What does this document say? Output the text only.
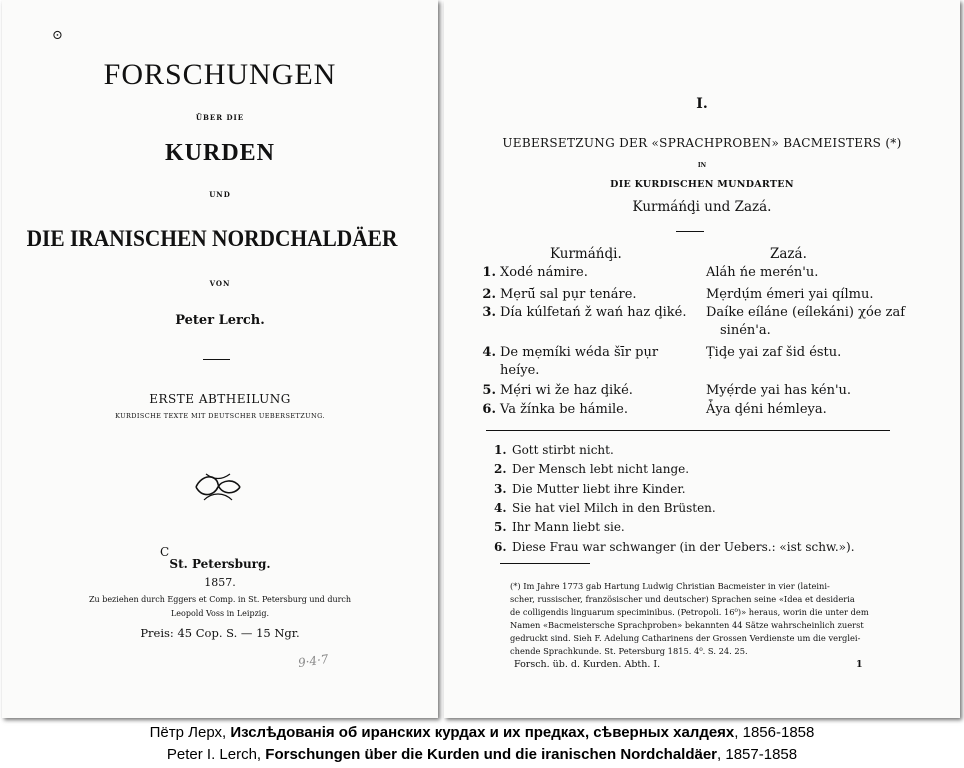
⊙

FORSCHUNGEN

ÜBER DIE

KURDEN

UND

DIE IRANISCHEN NORDCHALDÄER

VON

Peter Lerch.

ERSTE ABTHEILUNG

KURDISCHE TEXTE MIT DEUTSCHER UEBERSETZUNG.

C

St. Petersburg.

1857.

Zu beziehen durch Eggers et Comp. in St. Petersburg und durch

Leopold Voss in Leipzig.

Preis: 45 Cop. S. — 15 Ngr.

9·4·7

I.

UEBERSETZUNG DER «SPRACHPROBEN» BACMEISTERS (*)

IN

DIE KURDISCHEN MUNDARTEN

Kurmáńḑi und Zazá.

Kurmáńḑi.	Zazá.

1. Xodé námire.
2. Mẹrū́ sal pụr tenáre.
3. Día kúlfetań ž wań haz ḑiké.
4. De mẹmíki wéda šīr pụr
heíye.
5. Mẹ́ri wi že haz ḑiké.
6. Va žínka be hámile.
Aláh ńe merén'u.
Mẹrdụ́m émeri yai qílmu.
Daíke eíláne (eílekáni) χóe zaf
sinén'a.
Ṭiḑe yai zaf šid éstu.
Myẹ́rde yai has kén'u.
Ǡya ḑéni hémleya.
1. Gott stirbt nicht.
2. Der Mensch lebt nicht lange.
3. Die Mutter liebt ihre Kinder.
4. Sie hat viel Milch in den Brüsten.
5. Ihr Mann liebt sie.
6. Diese Frau war schwanger (in der Uebers.: «ist schw.»).

(*) Im Jahre 1773 gab Hartung Ludwig Christian Bacmeister in vier (lateini-

scher, russischer, französischer und deutscher) Sprachen seine «Idea et desideria

de colligendis linguarum speciminibus. (Petropoli. 16⁰)» heraus, worin die unter dem

Namen «Bacmeistersche Sprachproben» bekannten 44 Sätze wahrscheinlich zuerst

gedruckt sind. Sieh F. Adelung Catharinens der Grossen Verdienste um die verglei-

chende Sprachkunde. St. Petersburg 1815. 4⁰. S. 24. 25.

Forsch. üb. d. Kurden. Abth. I.	1

Пётр Лерх, Изслѣдованія об иранских курдах и их предках, сѣверных халдеях, 1856-1858
Peter I. Lerch, Forschungen über die Kurden und die iranischen Nordchaldäer, 1857-1858
